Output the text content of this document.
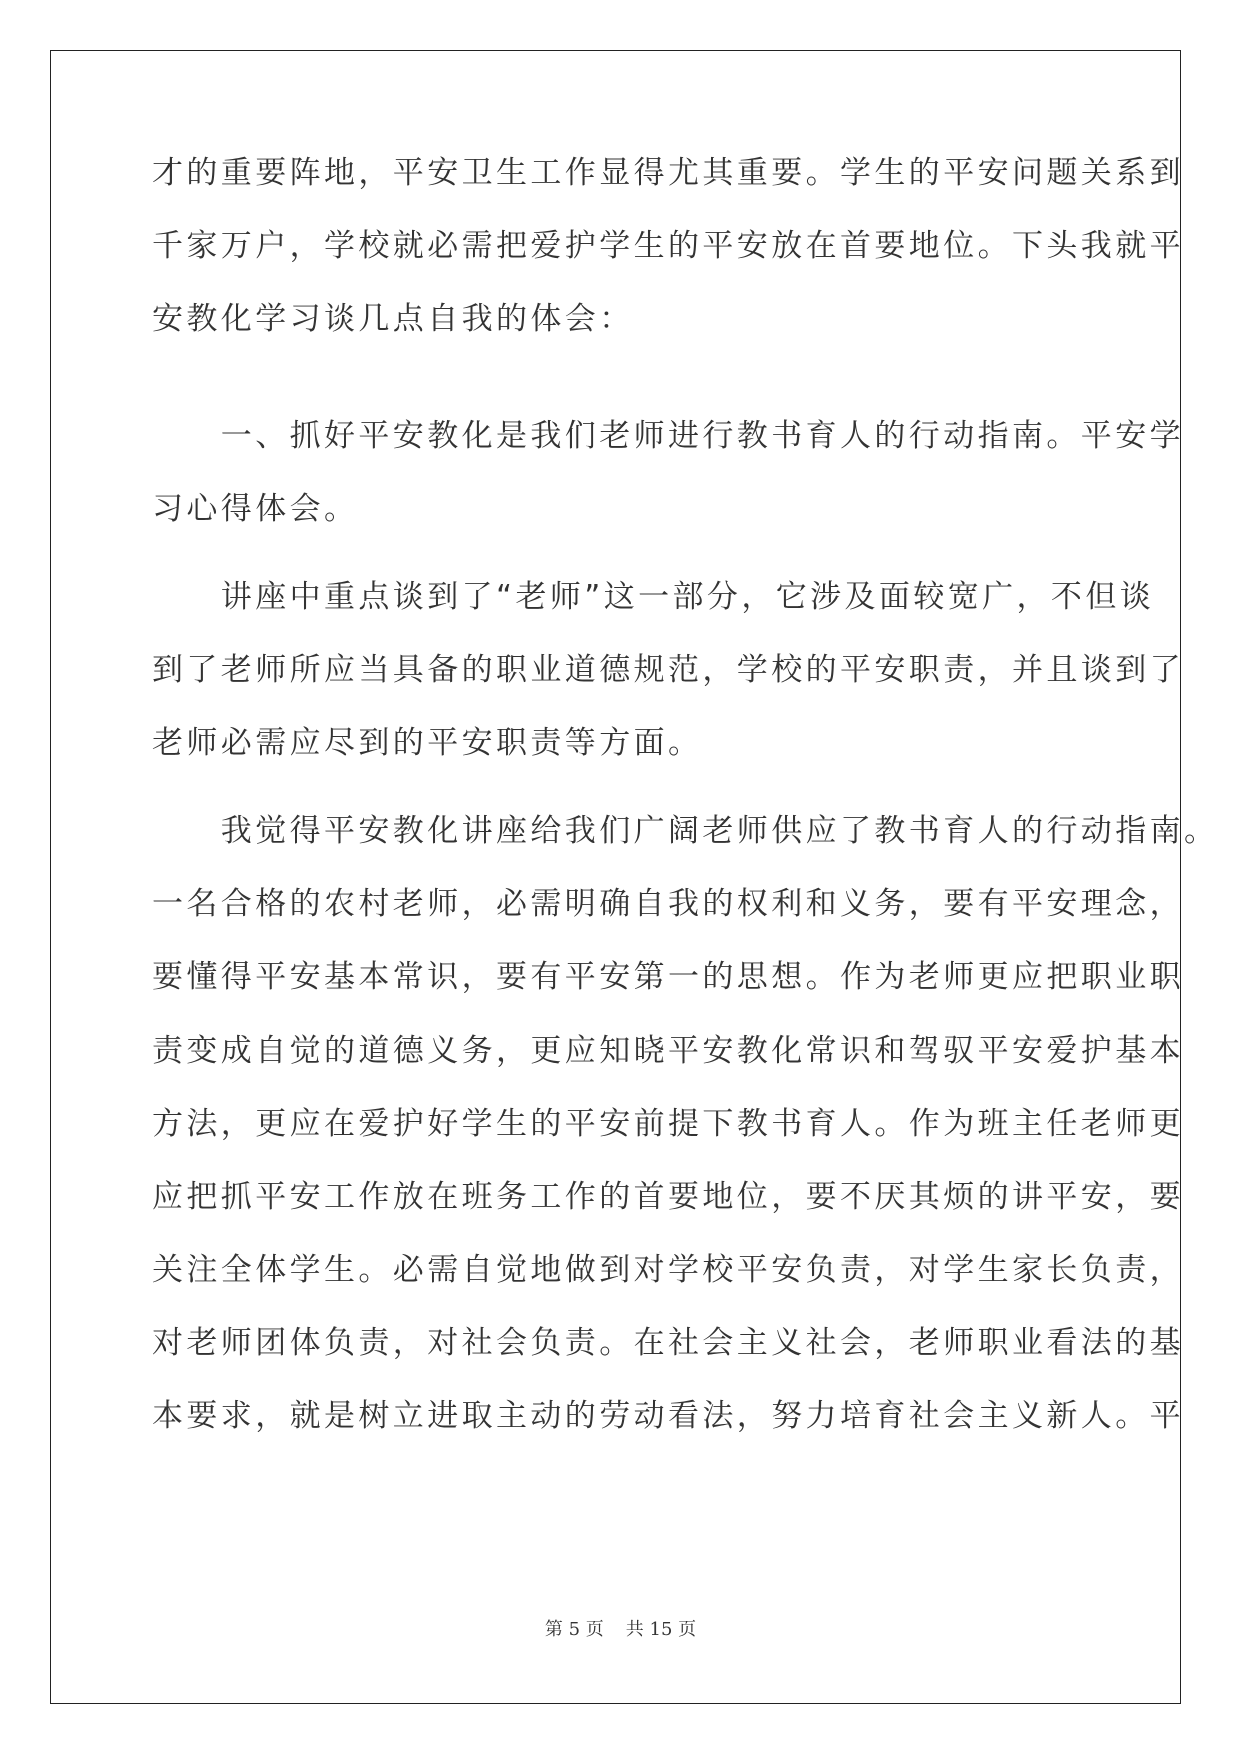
才的重要阵地，平安卫生工作显得尤其重要。学生的平安问题关系到
千家万户，学校就必需把爱护学生的平安放在首要地位。下头我就平
安教化学习谈几点自我的体会：
　　一、抓好平安教化是我们老师进行教书育人的行动指南。平安学
习心得体会。
　　讲座中重点谈到了“老师”这一部分，它涉及面较宽广，不但谈
到了老师所应当具备的职业道德规范，学校的平安职责，并且谈到了
老师必需应尽到的平安职责等方面。
　　我觉得平安教化讲座给我们广阔老师供应了教书育人的行动指南。
一名合格的农村老师，必需明确自我的权利和义务，要有平安理念，
要懂得平安基本常识，要有平安第一的思想。作为老师更应把职业职
责变成自觉的道德义务，更应知晓平安教化常识和驾驭平安爱护基本
方法，更应在爱护好学生的平安前提下教书育人。作为班主任老师更
应把抓平安工作放在班务工作的首要地位，要不厌其烦的讲平安，要
关注全体学生。必需自觉地做到对学校平安负责，对学生家长负责，
对老师团体负责，对社会负责。在社会主义社会，老师职业看法的基
本要求，就是树立进取主动的劳动看法，努力培育社会主义新人。平
第 5 页 共 15 页
